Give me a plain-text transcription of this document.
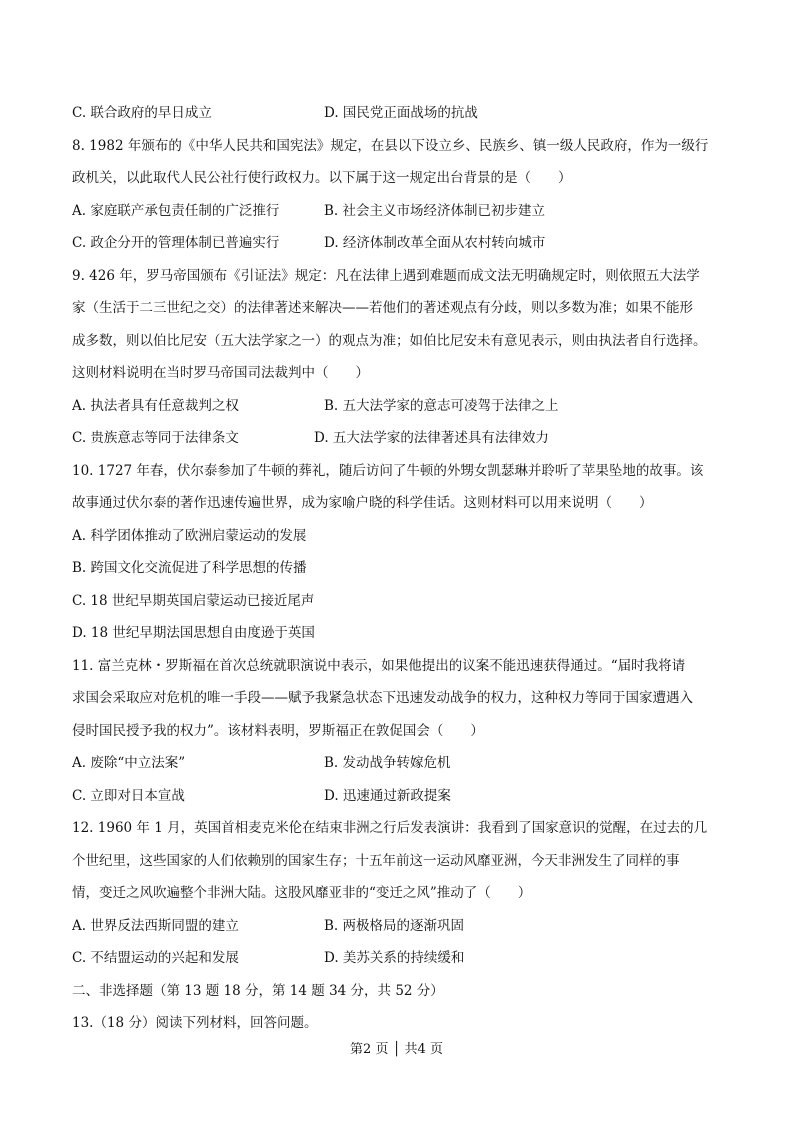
C. 联合政府的早日成立	D. 国民党正面战场的抗战
8. 1982 年颁布的《中华人民共和国宪法》规定，在县以下设立乡、民族乡、镇一级人民政府，作为一级行
政机关，以此取代人民公社行使行政权力。以下属于这一规定出台背景的是（　　）
A. 家庭联产承包责任制的广泛推行	B. 社会主义市场经济体制已初步建立
C. 政企分开的管理体制已普遍实行	D. 经济体制改革全面从农村转向城市
9. 426 年，罗马帝国颁布《引证法》规定：凡在法律上遇到难题而成文法无明确规定时，则依照五大法学
家（生活于二三世纪之交）的法律著述来解决——若他们的著述观点有分歧，则以多数为准；如果不能形
成多数，则以伯比尼安（五大法学家之一）的观点为准；如伯比尼安未有意见表示，则由执法者自行选择。
这则材料说明在当时罗马帝国司法裁判中（　　）
A. 执法者具有任意裁判之权	B. 五大法学家的意志可凌驾于法律之上
C. 贵族意志等同于法律条文	D. 五大法学家的法律著述具有法律效力
10. 1727 年春，伏尔泰参加了牛顿的葬礼，随后访问了牛顿的外甥女凯瑟琳并聆听了苹果坠地的故事。该
故事通过伏尔泰的著作迅速传遍世界，成为家喻户晓的科学佳话。这则材料可以用来说明（　　）
A. 科学团体推动了欧洲启蒙运动的发展
B. 跨国文化交流促进了科学思想的传播
C. 18 世纪早期英国启蒙运动已接近尾声
D. 18 世纪早期法国思想自由度逊于英国
11. 富兰克林・罗斯福在首次总统就职演说中表示，如果他提出的议案不能迅速获得通过。“届时我将请
求国会采取应对危机的唯一手段——赋予我紧急状态下迅速发动战争的权力，这种权力等同于国家遭遇入
侵时国民授予我的权力”。该材料表明，罗斯福正在敦促国会（　　）
A. 废除“中立法案”	B. 发动战争转嫁危机
C. 立即对日本宣战	D. 迅速通过新政提案
12. 1960 年 1 月，英国首相麦克米伦在结束非洲之行后发表演讲：我看到了国家意识的觉醒，在过去的几
个世纪里，这些国家的人们依赖别的国家生存；十五年前这一运动风靡亚洲，今天非洲发生了同样的事
情，变迁之风吹遍整个非洲大陆。这股风靡亚非的“变迁之风”推动了（　　）
A. 世界反法西斯同盟的建立	B. 两极格局的逐渐巩固
C. 不结盟运动的兴起和发展	D. 美苏关系的持续缓和
二、非选择题（第 13 题 18 分，第 14 题 34 分，共 52 分）
13.（18 分）阅读下列材料，回答问题。
第2 页 │ 共4 页
